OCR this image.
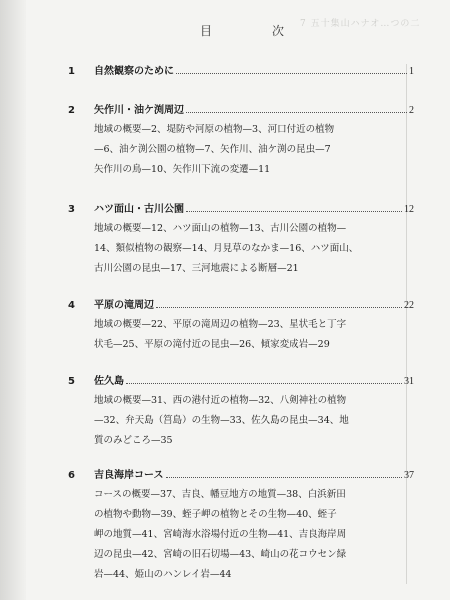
7 五十集山ハナオ…つの二
目　次
1	自然観察のために	1
2	矢作川・油ケ渕周辺	2
地域の概要—2、堤防や河原の植物—3、河口付近の植物
—6、油ケ渕公園の植物—7、矢作川、油ケ渕の昆虫—7
矢作川の鳥—10、矢作川下流の変遷—11
3	ハツ面山・古川公園	12
地域の概要—12、ハツ面山の植物—13、古川公園の植物—
14、類似植物の観察—14、月見草のなかま—16、ハツ面山、
古川公園の昆虫—17、三河地震による断層—21
4	平原の滝周辺	22
地域の概要—22、平原の滝周辺の植物—23、星状毛と丁字
状毛—25、平原の滝付近の昆虫—26、傾家変成岩—29
5	佐久島	31
地域の概要—31、西の港付近の植物—32、八剣神社の植物
—32、弁天島（筥島）の生物—33、佐久島の昆虫—34、地
質のみどころ—35
6	吉良海岸コース	37
コースの概要—37、吉良、幡豆地方の地質—38、白浜新田
の植物や動物—39、蛭子岬の植物とその生物—40、蛭子
岬の地質—41、宮崎海水浴場付近の生物—41、吉良海岸周
辺の昆虫—42、宮崎の旧石切場—43、崎山の花コウセン緑
岩—44、姫山のハンレイ岩—44
